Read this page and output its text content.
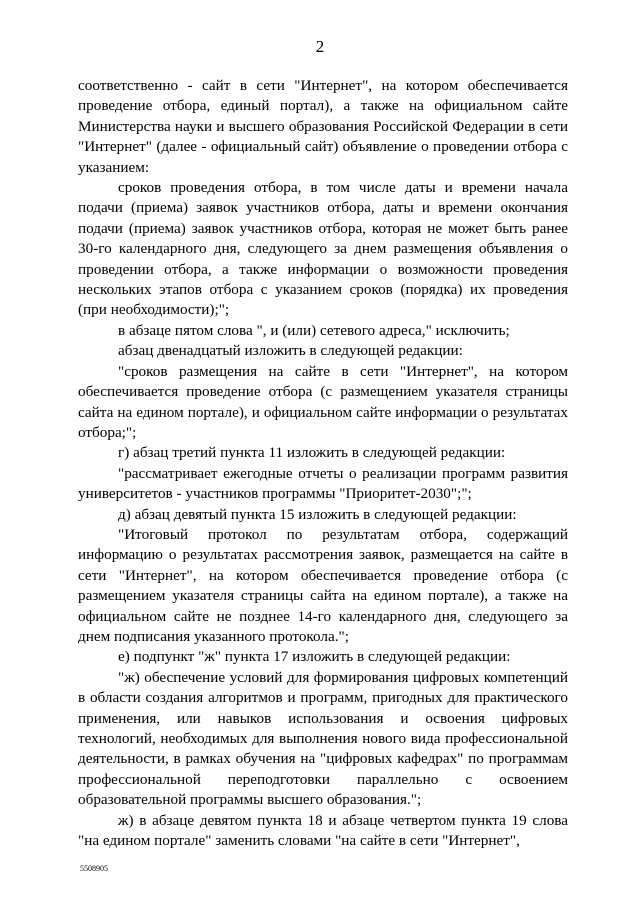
2

соответственно - сайт в сети "Интернет", на котором обеспечивается проведение отбора, единый портал), а также на официальном сайте Министерства науки и высшего образования Российской Федерации в сети "Интернет" (далее - официальный сайт) объявление о проведении отбора с указанием:

сроков проведения отбора, в том числе даты и времени начала подачи (приема) заявок участников отбора, даты и времени окончания подачи (приема) заявок участников отбора, которая не может быть ранее 30-го календарного дня, следующего за днем размещения объявления о проведении отбора, а также информации о возможности проведения нескольких этапов отбора с указанием сроков (порядка) их проведения (при необходимости);";

в абзаце пятом слова ", и (или) сетевого адреса," исключить;

абзац двенадцатый изложить в следующей редакции:

"сроков размещения на сайте в сети "Интернет", на котором обеспечивается проведение отбора (с размещением указателя страницы сайта на едином портале), и официальном сайте информации о результатах отбора;";

г) абзац третий пункта 11 изложить в следующей редакции:

"рассматривает ежегодные отчеты о реализации программ развития университетов - участников программы "Приоритет-2030";";

д) абзац девятый пункта 15 изложить в следующей редакции:

"Итоговый протокол по результатам отбора, содержащий информацию о результатах рассмотрения заявок, размещается на сайте в сети "Интернет", на котором обеспечивается проведение отбора (с размещением указателя страницы сайта на едином портале), а также на официальном сайте не позднее 14-го календарного дня, следующего за днем подписания указанного протокола.";

е) подпункт "ж" пункта 17 изложить в следующей редакции:

"ж) обеспечение условий для формирования цифровых компетенций в области создания алгоритмов и программ, пригодных для практического применения, или навыков использования и освоения цифровых технологий, необходимых для выполнения нового вида профессиональной деятельности, в рамках обучения на "цифровых кафедрах" по программам профессиональной переподготовки параллельно с освоением образовательной программы высшего образования.";

ж) в абзаце девятом пункта 18 и абзаце четвертом пункта 19 слова "на едином портале" заменить словами "на сайте в сети "Интернет",

5508905
